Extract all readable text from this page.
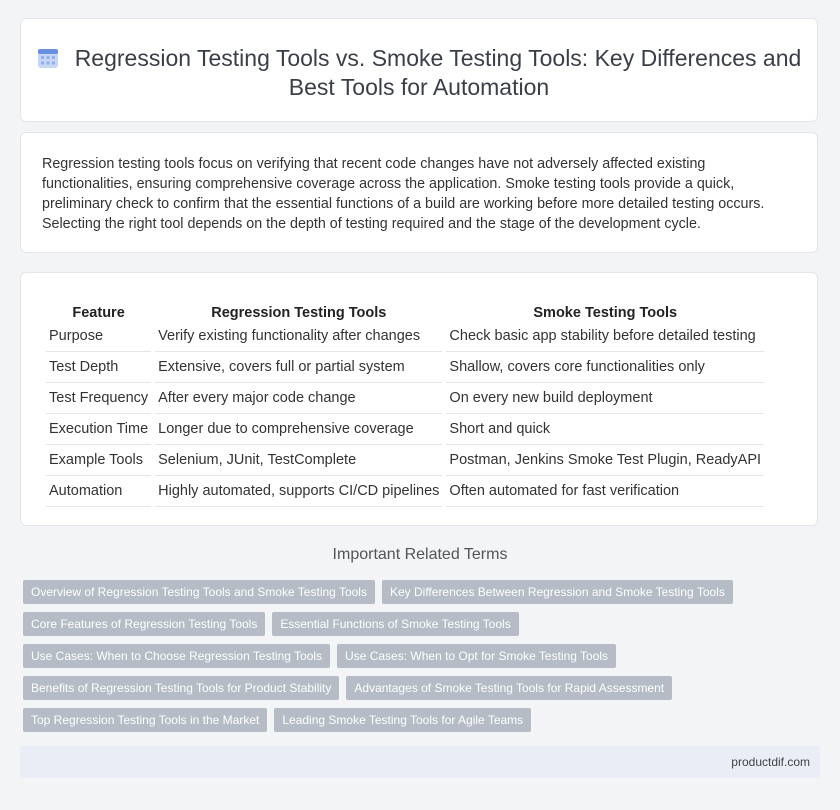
Regression Testing Tools vs. Smoke Testing Tools: Key Differences and Best Tools for Automation
Regression testing tools focus on verifying that recent code changes have not adversely affected existing functionalities, ensuring comprehensive coverage across the application. Smoke testing tools provide a quick, preliminary check to confirm that the essential functions of a build are working before more detailed testing occurs. Selecting the right tool depends on the depth of testing required and the stage of the development cycle.
Feature	Regression Testing Tools	Smoke Testing Tools
Purpose	Verify existing functionality after changes	Check basic app stability before detailed testing
Test Depth	Extensive, covers full or partial system	Shallow, covers core functionalities only
Test Frequency	After every major code change	On every new build deployment
Execution Time	Longer due to comprehensive coverage	Short and quick
Example Tools	Selenium, JUnit, TestComplete	Postman, Jenkins Smoke Test Plugin, ReadyAPI
Automation	Highly automated, supports CI/CD pipelines	Often automated for fast verification
Important Related Terms
Overview of Regression Testing Tools and Smoke Testing Tools	Key Differences Between Regression and Smoke Testing Tools
Core Features of Regression Testing Tools	Essential Functions of Smoke Testing Tools
Use Cases: When to Choose Regression Testing Tools	Use Cases: When to Opt for Smoke Testing Tools
Benefits of Regression Testing Tools for Product Stability	Advantages of Smoke Testing Tools for Rapid Assessment
Top Regression Testing Tools in the Market	Leading Smoke Testing Tools for Agile Teams
productdif.com
